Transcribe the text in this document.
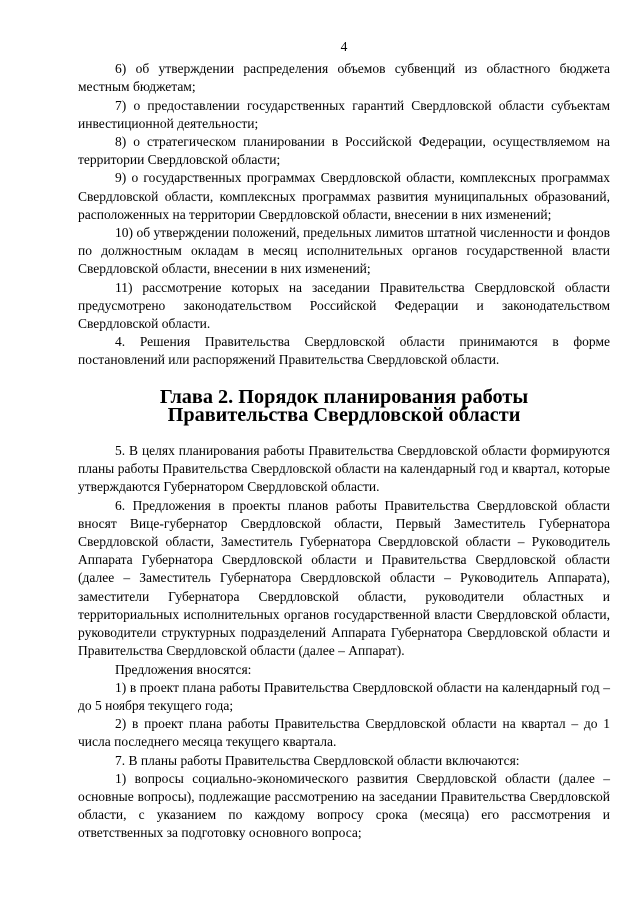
4

6) об утверждении распределения объемов субвенций из областного бюджета местным бюджетам;

7) о предоставлении государственных гарантий Свердловской области субъектам инвестиционной деятельности;

8) о стратегическом планировании в Российской Федерации, осуществляемом на территории Свердловской области;

9) о государственных программах Свердловской области, комплексных программах Свердловской области, комплексных программах развития муниципальных образований, расположенных на территории Свердловской области, внесении в них изменений;

10) об утверждении положений, предельных лимитов штатной численности и фондов по должностным окладам в месяц исполнительных органов государственной власти Свердловской области, внесении в них изменений;

11) рассмотрение которых на заседании Правительства Свердловской области предусмотрено законодательством Российской Федерации и законодательством Свердловской области.

4. Решения Правительства Свердловской области принимаются в форме постановлений или распоряжений Правительства Свердловской области.

Глава 2. Порядок планирования работы
Правительства Свердловской области

5. В целях планирования работы Правительства Свердловской области формируются планы работы Правительства Свердловской области на календарный год и квартал, которые утверждаются Губернатором Свердловской области.

6. Предложения в проекты планов работы Правительства Свердловской области вносят Вице-губернатор Свердловской области, Первый Заместитель Губернатора Свердловской области, Заместитель Губернатора Свердловской области – Руководитель Аппарата Губернатора Свердловской области и Правительства Свердловской области (далее – Заместитель Губернатора Свердловской области – Руководитель Аппарата), заместители Губернатора Свердловской области, руководители областных и территориальных исполнительных органов государственной власти Свердловской области, руководители структурных подразделений Аппарата Губернатора Свердловской области и Правительства Свердловской области (далее – Аппарат).

Предложения вносятся:

1) в проект плана работы Правительства Свердловской области на календарный год – до 5 ноября текущего года;

2) в проект плана работы Правительства Свердловской области на квартал – до 1 числа последнего месяца текущего квартала.

7. В планы работы Правительства Свердловской области включаются:

1) вопросы социально-экономического развития Свердловской области (далее – основные вопросы), подлежащие рассмотрению на заседании Правительства Свердловской области, с указанием по каждому вопросу срока (месяца) его рассмотрения и ответственных за подготовку основного вопроса;
